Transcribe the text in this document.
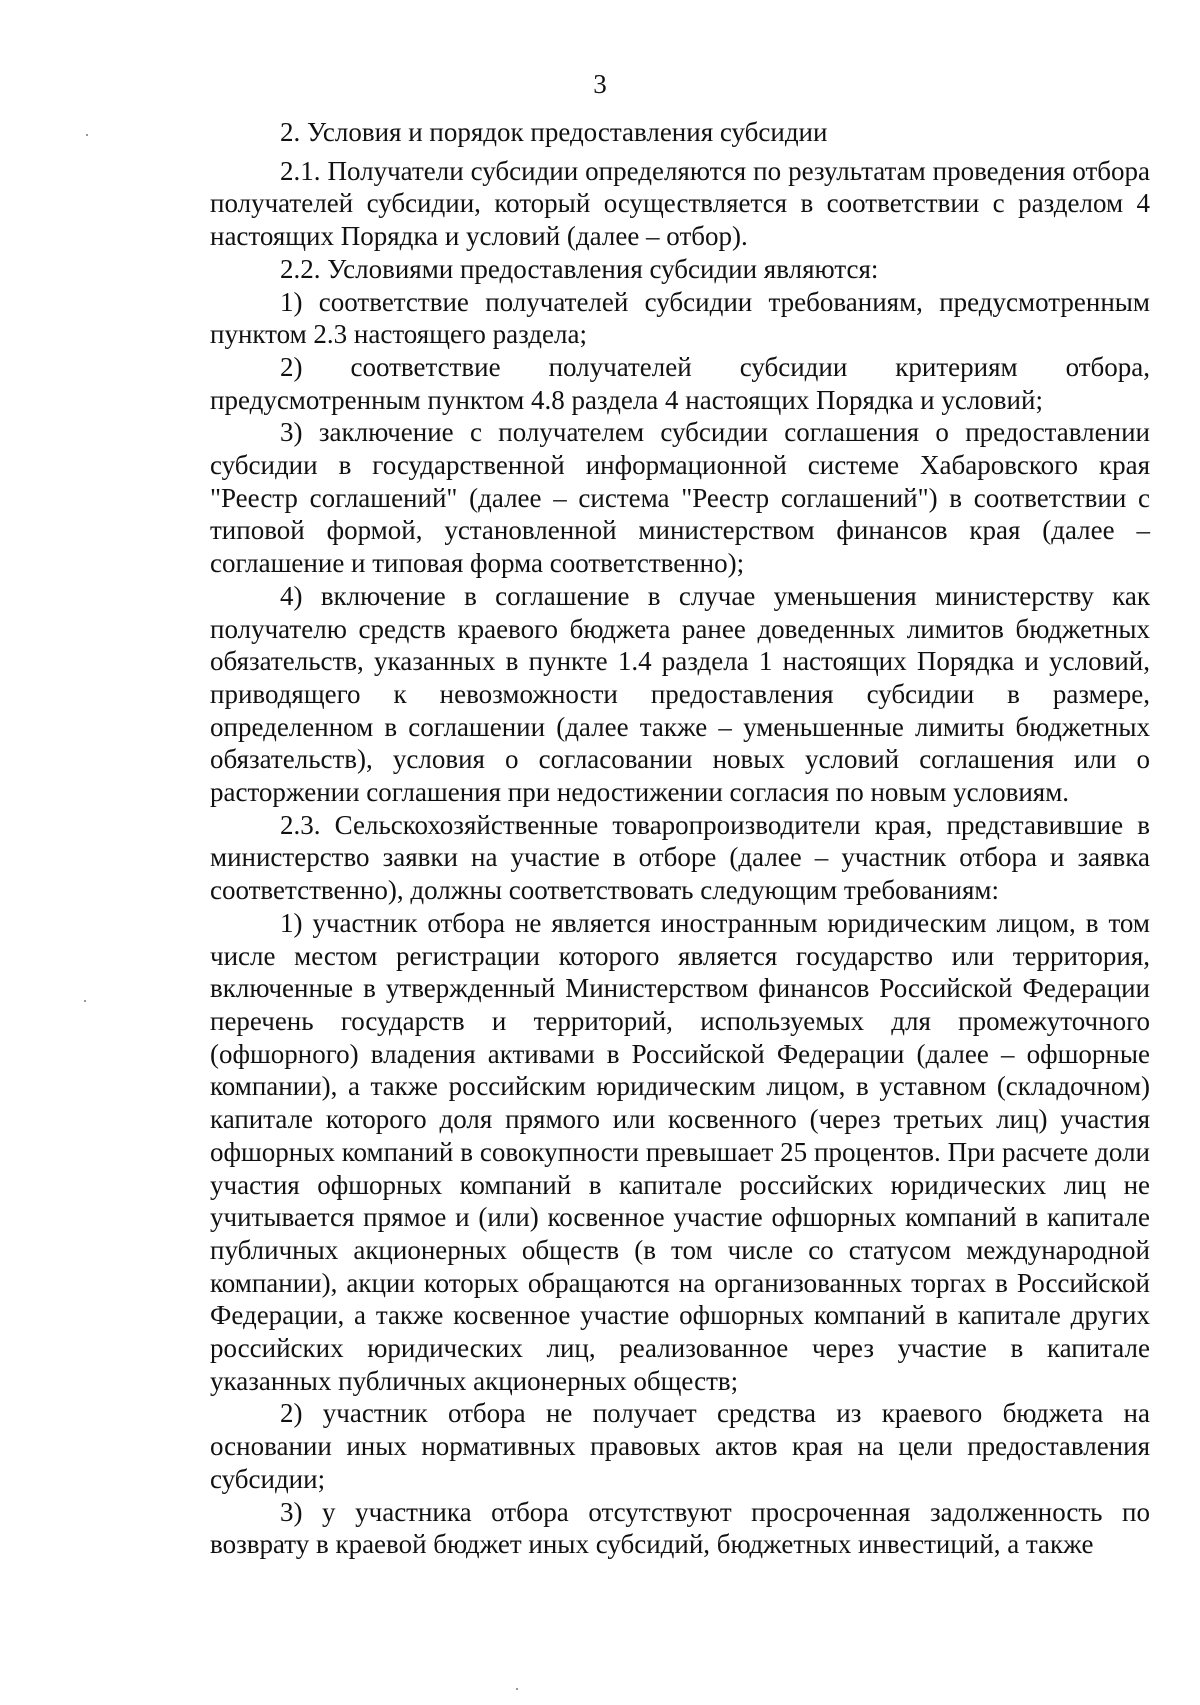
3

2. Условия и порядок предоставления субсидии

2.1. Получатели субсидии определяются по результатам проведения отбора получателей субсидии, который осуществляется в соответствии с разделом 4 настоящих Порядка и условий (далее – отбор).

2.2. Условиями предоставления субсидии являются:

1) соответствие получателей субсидии требованиям, предусмотренным пунктом 2.3 настоящего раздела;

2) соответствие получателей субсидии критериям отбора, предусмотренным пунктом 4.8 раздела 4 настоящих Порядка и условий;

3) заключение с получателем субсидии соглашения о предоставлении субсидии в государственной информационной системе Хабаровского края "Реестр соглашений" (далее – система "Реестр соглашений") в соответствии с типовой формой, установленной министерством финансов края (далее – соглашение и типовая форма соответственно);

4) включение в соглашение в случае уменьшения министерству как получателю средств краевого бюджета ранее доведенных лимитов бюджетных обязательств, указанных в пункте 1.4 раздела 1 настоящих Порядка и условий, приводящего к невозможности предоставления субсидии в размере, определенном в соглашении (далее также – уменьшенные лимиты бюджетных обязательств), условия о согласовании новых условий соглашения или о расторжении соглашения при недостижении согласия по новым условиям.

2.3. Сельскохозяйственные товаропроизводители края, представившие в министерство заявки на участие в отборе (далее – участник отбора и заявка соответственно), должны соответствовать следующим требованиям:

1) участник отбора не является иностранным юридическим лицом, в том числе местом регистрации которого является государство или территория, включенные в утвержденный Министерством финансов Российской Федерации перечень государств и территорий, используемых для промежуточного (офшорного) владения активами в Российской Федерации (далее – офшорные компании), а также российским юридическим лицом, в уставном (складочном) капитале которого доля прямого или косвенного (через третьих лиц) участия офшорных компаний в совокупности превышает 25 процентов. При расчете доли участия офшорных компаний в капитале российских юридических лиц не учитывается прямое и (или) косвенное участие офшорных компаний в капитале публичных акционерных обществ (в том числе со статусом международной компании), акции которых обращаются на организованных торгах в Российской Федерации, а также косвенное участие офшорных компаний в капитале других российских юридических лиц, реализованное через участие в капитале указанных публичных акционерных обществ;

2) участник отбора не получает средства из краевого бюджета на основании иных нормативных правовых актов края на цели предоставления субсидии;

3) у участника отбора отсутствуют просроченная задолженность по возврату в краевой бюджет иных субсидий, бюджетных инвестиций, а также
